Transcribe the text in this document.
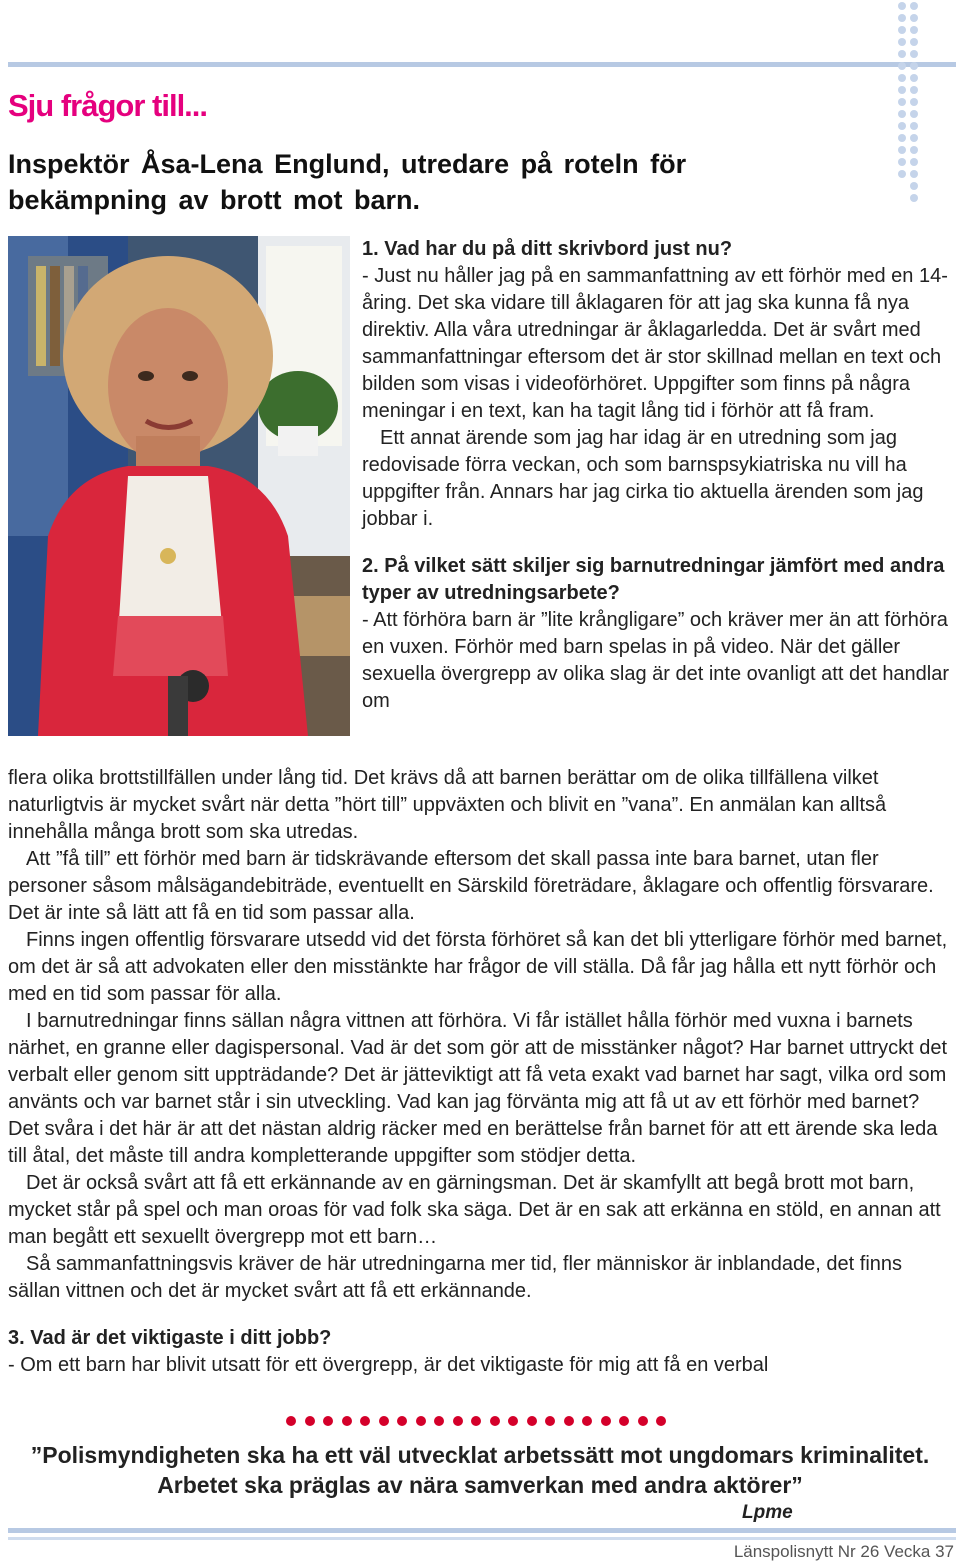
Sju frågor till...
Inspektör Åsa-Lena Englund, utredare på roteln för bekämpning av brott mot barn.

1. Vad har du på ditt skrivbord just nu?

- Just nu håller jag på en sammanfattning av ett förhör med en 14-åring. Det ska vidare till åklagaren för att jag ska kunna få nya direktiv. Alla våra utredningar är åklagarledda. Det är svårt med sammanfattningar eftersom det är stor skillnad mellan en text och bilden som visas i videoförhöret. Uppgifter som finns på några meningar i en text, kan ha tagit lång tid i förhör att få fram.

Ett annat ärende som jag har idag är en utredning som jag redovisade förra veckan, och som barnspsykiatriska nu vill ha uppgifter från. Annars har jag cirka tio aktuella ärenden som jag jobbar i.

2. På vilket sätt skiljer sig barnutredningar jämfört med andra typer av utredningsarbete?

- Att förhöra barn är ”lite krångligare” och kräver mer än att förhöra en vuxen. Förhör med barn spelas in på video. När det gäller sexuella övergrepp av olika slag är det inte ovanligt att det handlar om

flera olika brottstillfällen under lång tid. Det krävs då att barnen berättar om de olika tillfällena vilket naturligtvis är mycket svårt när detta ”hört till” uppväxten och blivit en ”vana”. En anmälan kan alltså innehålla många brott som ska utredas.

Att ”få till” ett förhör med barn är tidskrävande eftersom det skall passa inte bara barnet, utan fler personer såsom målsägandebiträde, eventuellt en Särskild företrädare, åklagare och offentlig försvarare. Det är inte så lätt att få en tid som passar alla.

Finns ingen offentlig försvarare utsedd vid det första förhöret så kan det bli ytterligare förhör med barnet, om det är så att advokaten eller den misstänkte har frågor de vill ställa. Då får jag hålla ett nytt förhör och med en tid som passar för alla.

I barnutredningar finns sällan några vittnen att förhöra. Vi får istället hålla förhör med vuxna i barnets närhet, en granne eller dagispersonal. Vad är det som gör att de misstänker något? Har barnet uttryckt det verbalt eller genom sitt uppträdande? Det är jätteviktigt att få veta exakt vad barnet har sagt, vilka ord som använts och var barnet står i sin utveckling. Vad kan jag förvänta mig att få ut av ett förhör med barnet? Det svåra i det här är att det nästan aldrig räcker med en berättelse från barnet för att ett ärende ska leda till åtal, det måste till andra kompletterande uppgifter som stödjer detta.

Det är också svårt att få ett erkännande av en gärningsman. Det är skamfyllt att begå brott mot barn, mycket står på spel och man oroas för vad folk ska säga. Det är en sak att erkänna en stöld, en annan att man begått ett sexuellt övergrepp mot ett barn…

Så sammanfattningsvis kräver de här utredningarna mer tid, fler människor är inblandade, det finns sällan vittnen och det är mycket svårt att få ett erkännande.

3. Vad är det viktigaste i ditt jobb?

- Om ett barn har blivit utsatt för ett övergrepp, är det viktigaste för mig att få en verbal

”Polismyndigheten ska ha ett väl utvecklat arbetssätt mot ungdomars kriminalitet.
Arbetet ska präglas av nära samverkan med andra aktörer”

Lpme

Länspolisnytt Nr 26 Vecka 37
